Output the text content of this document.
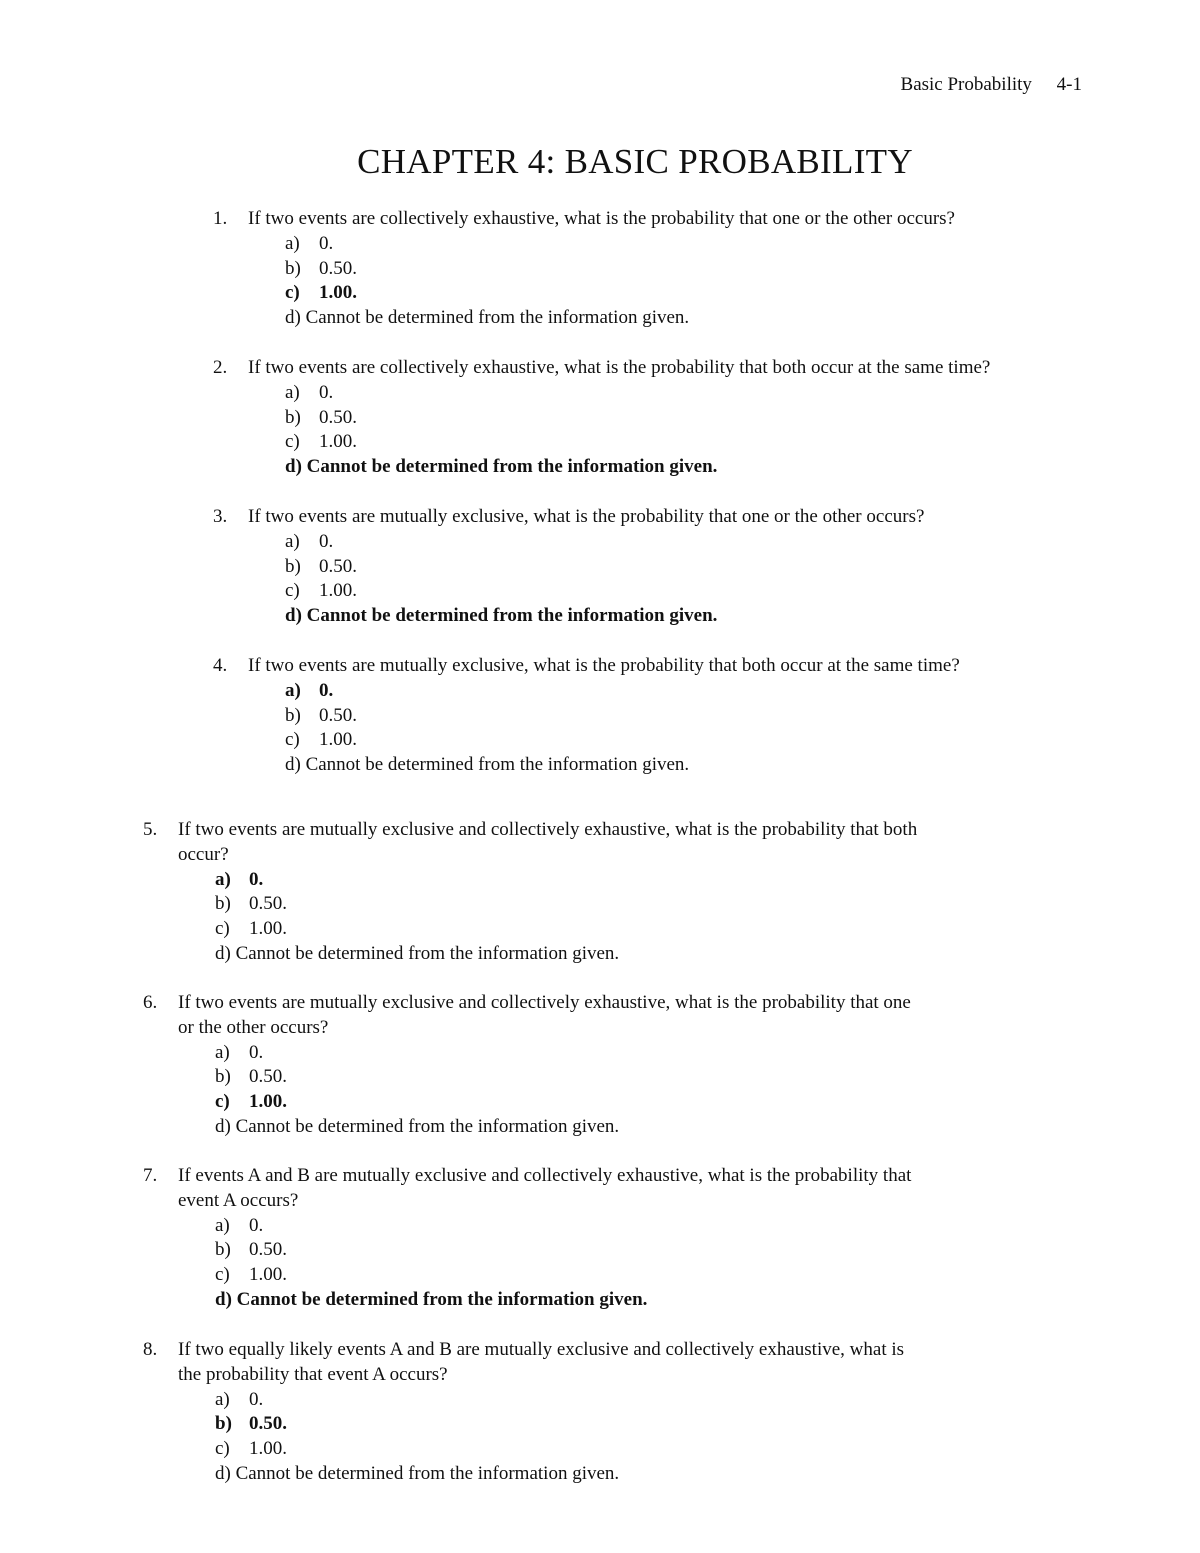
Basic Probability 4-1
CHAPTER 4: BASIC PROBABILITY
1.	If two events are collectively exhaustive, what is the probability that one or the other occurs?
a) 0.
b) 0.50.
c) 1.00.
d) Cannot be determined from the information given.
2.	If two events are collectively exhaustive, what is the probability that both occur at the same time?
a) 0.
b) 0.50.
c) 1.00.
d) Cannot be determined from the information given.
3.	If two events are mutually exclusive, what is the probability that one or the other occurs?
a) 0.
b) 0.50.
c) 1.00.
d) Cannot be determined from the information given.
4.	If two events are mutually exclusive, what is the probability that both occur at the same time?
a) 0.
b) 0.50.
c) 1.00.
d) Cannot be determined from the information given.
5.	If two events are mutually exclusive and collectively exhaustive, what is the probability that both
occur?
a) 0.
b) 0.50.
c) 1.00.
d) Cannot be determined from the information given.
6.	If two events are mutually exclusive and collectively exhaustive, what is the probability that one
or the other occurs?
a) 0.
b) 0.50.
c) 1.00.
d) Cannot be determined from the information given.
7.	If events A and B are mutually exclusive and collectively exhaustive, what is the probability that
event A occurs?
a) 0.
b) 0.50.
c) 1.00.
d) Cannot be determined from the information given.
8.	If two equally likely events A and B are mutually exclusive and collectively exhaustive, what is
the probability that event A occurs?
a) 0.
b) 0.50.
c) 1.00.
d) Cannot be determined from the information given.
